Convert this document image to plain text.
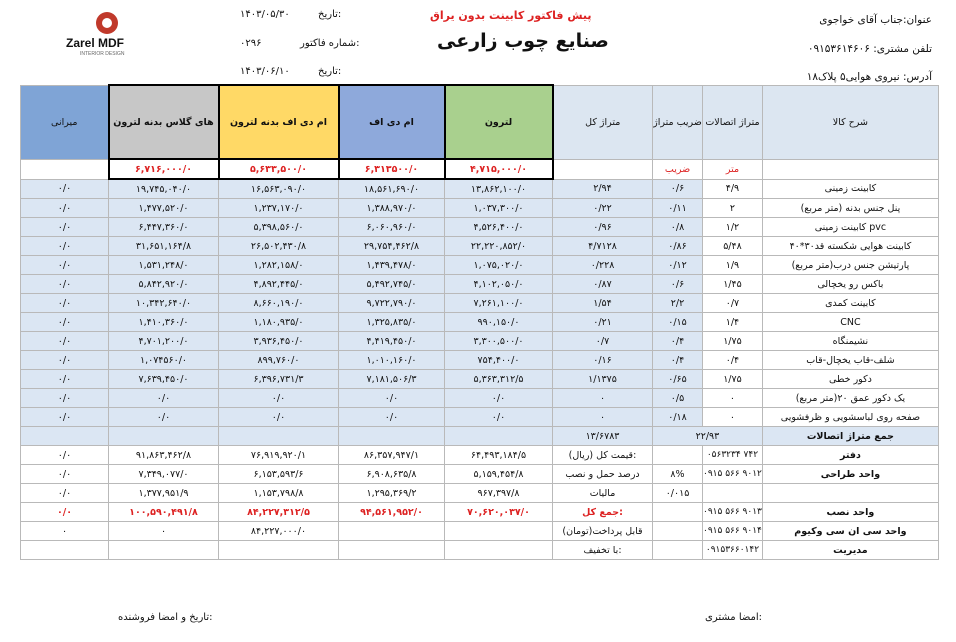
Zarel MDF
INTERIOR DESIGN
۱۴۰۳/۰۵/۳۰	تاریخ:
۰۲۹۶	شماره فاکتور:
۱۴۰۳/۰۶/۱۰	تاریخ:
پیش فاکتور کابینت بدون یراق
صنایع چوب زارعی
عنوان:جناب آقای خواجوی
تلفن مشتری: ۰۹۱۵۳۶۱۴۶۰۶
آدرس: نیروی هوایی۵ پلاک۱۸
میرانی	های گلاس بدنه لترون	ام دی اف بدنه لترون	ام دی اف	لترون	متراژ کل	ضریب متراژ	متراژ اتصالات	شرح کالا
	۶,۷۱۶,۰۰۰/۰	۵,۶۳۳,۵۰۰/۰	۶,۳۱۳۵۰۰/۰	۴,۷۱۵,۰۰۰/۰		ضریب	متر	
۰/۰	۱۹,۷۴۵,۰۴۰/۰	۱۶,۵۶۳,۰۹۰/۰	۱۸,۵۶۱,۶۹۰/۰	۱۳,۸۶۲,۱۰۰/۰	۲/۹۴	۰/۶	۴/۹	کابینت زمینی
۰/۰	۱,۴۷۷,۵۲۰/۰	۱,۲۳۷,۱۷۰/۰	۱,۳۸۸,۹۷۰/۰	۱,۰۳۷,۳۰۰/۰	۰/۲۲	۰/۱۱	۲	پنل جنس بدنه (متر مربع)
۰/۰	۶,۴۴۷,۳۶۰/۰	۵,۳۹۸,۵۶۰/۰	۶,۰۶۰,۹۶۰/۰	۴,۵۲۶,۴۰۰/۰	۰/۹۶	۰/۸	۱/۲	کابینت زمینی pvc
۰/۰	۳۱,۶۵۱,۱۶۴/۸	۲۶,۵۰۲,۴۳۰/۸	۲۹,۷۵۴,۴۶۲/۸	۲۲,۲۲۰,۸۵۲/۰	۴/۷۱۲۸	۰/۸۶	۵/۴۸	۴۰*۳۰کابینت هوایی شکسته قد
۰/۰	۱,۵۳۱,۲۴۸/۰	۱,۲۸۲,۱۵۸/۰	۱,۴۳۹,۴۷۸/۰	۱,۰۷۵,۰۲۰/۰	۰/۲۲۸	۰/۱۲	۱/۹	پارتیشن جنس درب(متر مربع)
۰/۰	۵,۸۴۲,۹۲۰/۰	۴,۸۹۲,۴۴۵/۰	۵,۴۹۲,۷۴۵/۰	۴,۱۰۲,۰۵۰/۰	۰/۸۷	۰/۶	۱/۴۵	باکس رو یخچالی
۰/۰	۱۰,۳۴۲,۶۴۰/۰	۸,۶۶۰,۱۹۰/۰	۹,۷۲۲,۷۹۰/۰	۷,۲۶۱,۱۰۰/۰	۱/۵۴	۲/۲	۰/۷	کابینت کمدی
۰/۰	۱,۴۱۰,۳۶۰/۰	۱,۱۸۰,۹۳۵/۰	۱,۳۲۵,۸۳۵/۰	۹۹۰,۱۵۰/۰	۰/۲۱	۰/۱۵	۱/۴	CNC
۰/۰	۴,۷۰۱,۲۰۰/۰	۳,۹۳۶,۴۵۰/۰	۴,۴۱۹,۴۵۰/۰	۳,۳۰۰,۵۰۰/۰	۰/۷	۰/۴	۱/۷۵	نشیمنگاه
۰/۰	۱,۰۷۴۵۶۰/۰	۸۹۹,۷۶۰/۰	۱,۰۱۰,۱۶۰/۰	۷۵۴,۴۰۰/۰	۰/۱۶	۰/۴	۰/۴	شلف-قاب یخچال-قاب
۰/۰	۷,۶۳۹,۴۵۰/۰	۶,۳۹۶,۷۳۱/۳	۷,۱۸۱,۵۰۶/۳	۵,۳۶۳,۳۱۲/۵	۱/۱۳۷۵	۰/۶۵	۱/۷۵	دکور خطی
۰/۰	۰/۰	۰/۰	۰/۰	۰/۰	۰	۰/۵	۰	یک دکور عمق ۲۰(متر مربع)
۰/۰	۰/۰	۰/۰	۰/۰	۰/۰	۰	۰/۱۸	۰	صفحه روی لباسشویی و ظرفشویی
					۱۳/۶۷۸۳	۲۲/۹۳		جمع متراژ اتصالات
۰/۰	۹۱,۸۶۳,۴۶۲/۸	۷۶,۹۱۹,۹۲۰/۱	۸۶,۳۵۷,۹۴۷/۱	۶۴,۴۹۳,۱۸۴/۵	قیمت کل (ریال):		۰۵۶۳۲۳۴ ۷۴۲	دفتر
۰/۰	۷,۳۴۹,۰۷۷/۰	۶,۱۵۳,۵۹۳/۶	۶,۹۰۸,۶۳۵/۸	۵,۱۵۹,۴۵۴/۸	درصد حمل و نصب	۸%	۰۹۱۵ ۵۶۶ ۹۰۱۲	واحد طراحی
۰/۰	۱,۳۷۷,۹۵۱/۹	۱,۱۵۳,۷۹۸/۸	۱,۲۹۵,۳۶۹/۲	۹۶۷,۳۹۷/۸	مالیات	۰/۰۱۵		
۰/۰	۱۰۰,۵۹۰,۴۹۱/۸	۸۴,۲۲۷,۳۱۲/۵	۹۴,۵۶۱,۹۵۲/۰	۷۰,۶۲۰,۰۳۷/۰	جمع کل:		۰۹۱۵ ۵۶۶ ۹۰۱۳	واحد نصب
۰	۰	۸۴,۲۲۷,۰۰۰/۰			قابل پرداخت(تومان)		۰۹۱۵ ۵۶۶ ۹۰۱۴	واحد سی ان سی وکیوم
					با تخفیف:		۰۹۱۵۳۶۶۰۱۴۲	مدیریت
امضا مشتری:
تاریخ و امضا فروشنده:
